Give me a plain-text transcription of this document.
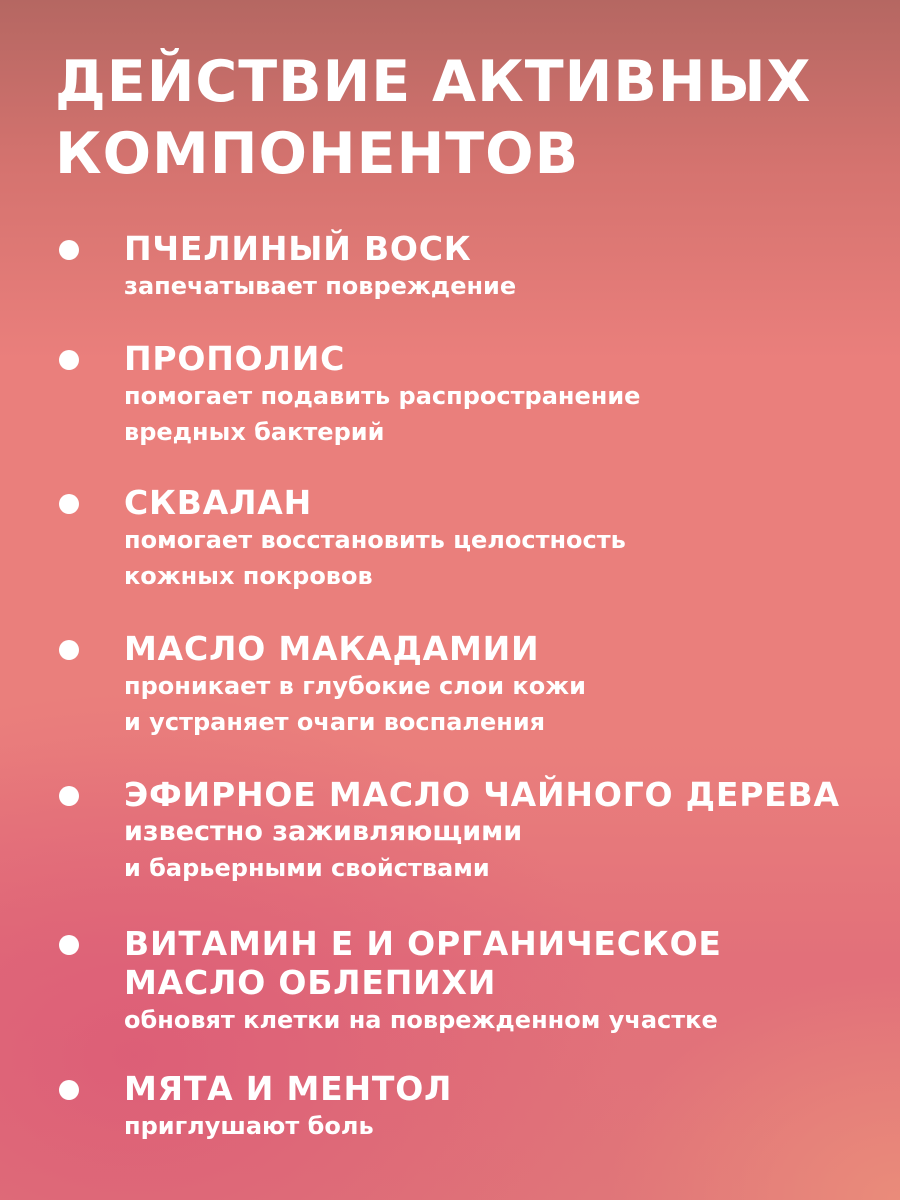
ДЕЙСТВИЕ АКТИВНЫХ
КОМПОНЕНТОВ
ПЧЕЛИНЫЙ ВОСК
запечатывает повреждение
ПРОПОЛИС
помогает подавить распространение
вредных бактерий
СКВАЛАН
помогает восстановить целостность
кожных покровов
МАСЛО МАКАДАМИИ
проникает в глубокие слои кожи
и устраняет очаги воспаления
ЭФИРНОЕ МАСЛО ЧАЙНОГО ДЕРЕВА
известно заживляющими
и барьерными свойствами
ВИТАМИН Е И ОРГАНИЧЕСКОЕ
МАСЛО ОБЛЕПИХИ
обновят клетки на поврежденном участке
МЯТА И МЕНТОЛ
приглушают боль
